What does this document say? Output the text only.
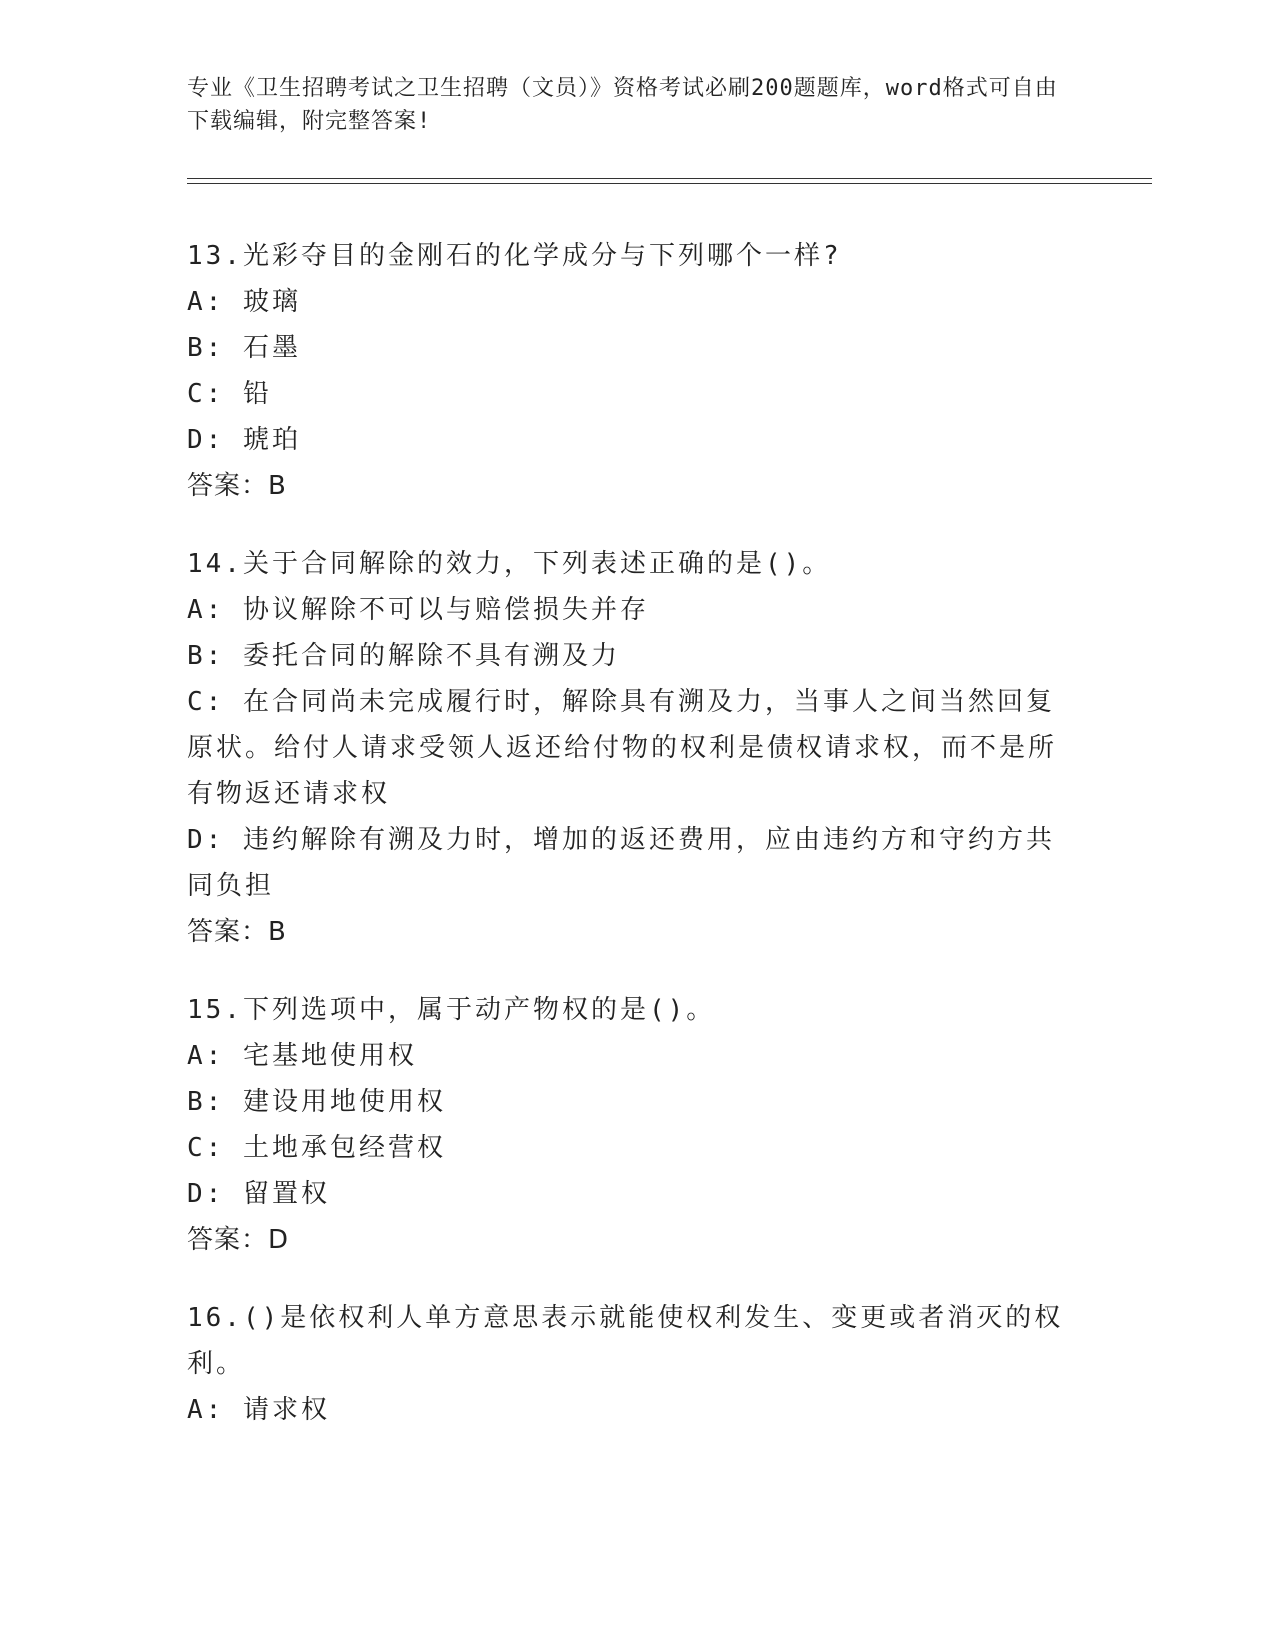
专业《卫生招聘考试之卫生招聘（文员）》资格考试必刷200题题库，word格式可自由下载编辑，附完整答案!
13.光彩夺目的金刚石的化学成分与下列哪个一样?
A: 玻璃
B: 石墨
C: 铅
D: 琥珀
答案：B
14.关于合同解除的效力，下列表述正确的是()。
A: 协议解除不可以与赔偿损失并存
B: 委托合同的解除不具有溯及力
C: 在合同尚未完成履行时，解除具有溯及力，当事人之间当然回复原状。给付人请求受领人返还给付物的权利是债权请求权，而不是所有物返还请求权
D: 违约解除有溯及力时，增加的返还费用，应由违约方和守约方共同负担
答案：B
15.下列选项中，属于动产物权的是()。
A: 宅基地使用权
B: 建设用地使用权
C: 土地承包经营权
D: 留置权
答案：D
16.()是依权利人单方意思表示就能使权利发生、变更或者消灭的权利。
A: 请求权
